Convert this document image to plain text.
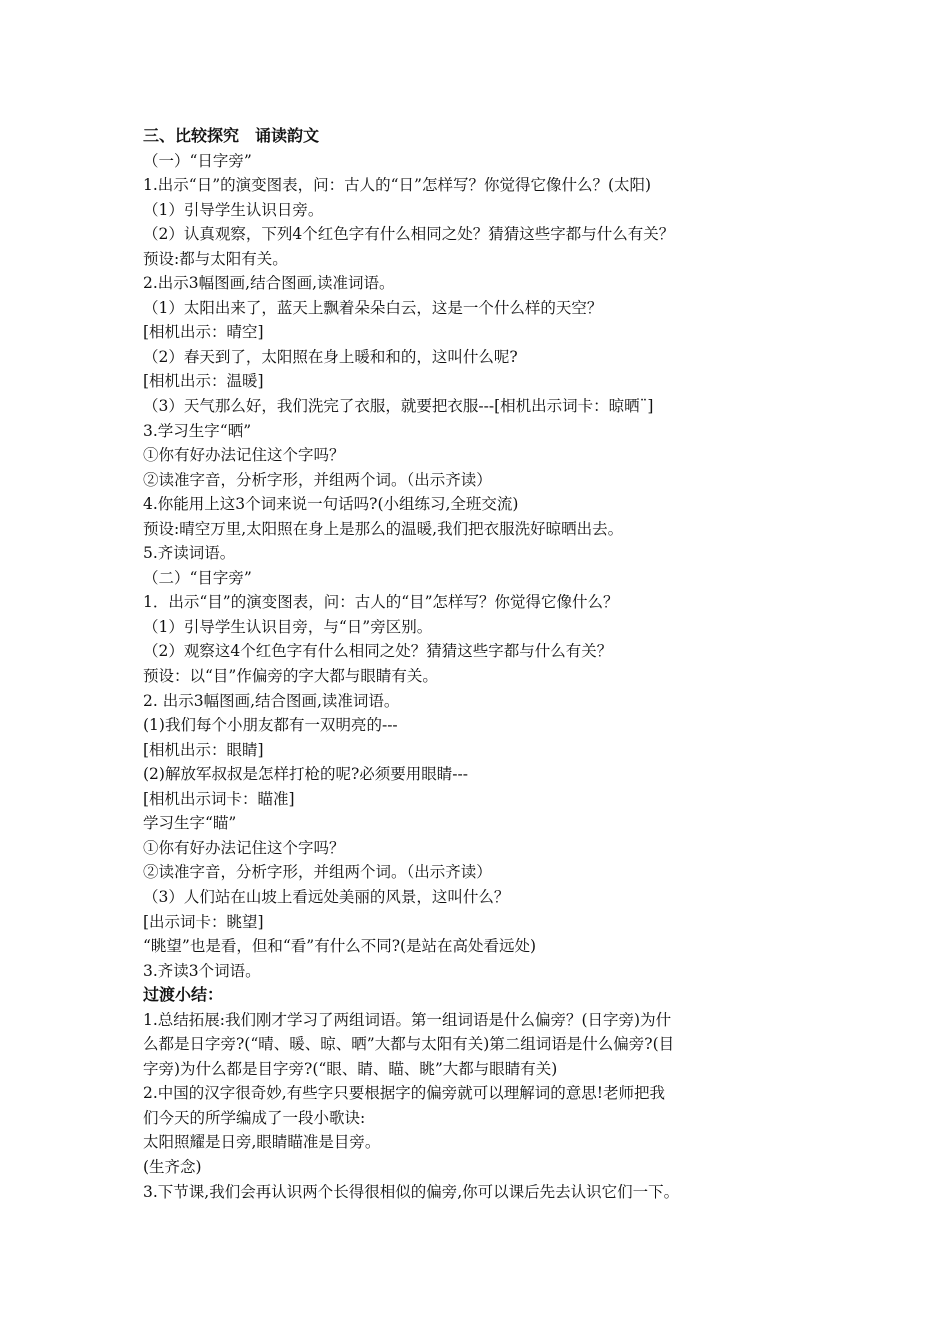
三、比较探究　诵读韵文
（一）“日字旁”
1.出示“日”的演变图表，问：古人的“日”怎样写？你觉得它像什么？(太阳)
（1）引导学生认识日旁。
（2）认真观察，下列4个红色字有什么相同之处？猜猜这些字都与什么有关？
预设:都与太阳有关。
2.出示3幅图画,结合图画,读准词语。
（1）太阳出来了，蓝天上飘着朵朵白云，这是一个什么样的天空？
[相机出示：晴空]
（2）春天到了，太阳照在身上暖和和的，这叫什么呢?
[相机出示：温暖]
（3）天气那么好，我们洗完了衣服，就要把衣服---[相机出示词卡：晾晒¨]
3.学习生字“晒”
①你有好办法记住这个字吗？
②读准字音，分析字形，并组两个词。（出示齐读）
4.你能用上这3个词来说一句话吗?(小组练习,全班交流)
预设:晴空万里,太阳照在身上是那么的温暖,我们把衣服洗好晾晒出去。
5.齐读词语。
（二）“目字旁”
1．出示“目”的演变图表，问：古人的“目”怎样写？你觉得它像什么？
（1）引导学生认识目旁，与“日”旁区别。
（2）观察这4个红色字有什么相同之处？猜猜这些字都与什么有关？
预设：以“目”作偏旁的字大都与眼睛有关。
2. 出示3幅图画,结合图画,读准词语。
(1)我们每个小朋友都有一双明亮的---
[相机出示：眼睛]
(2)解放军叔叔是怎样打枪的呢?必须要用眼睛---
[相机出示词卡：瞄准]
学习生字“瞄”
①你有好办法记住这个字吗？
②读准字音，分析字形，并组两个词。（出示齐读）
（3）人们站在山坡上看远处美丽的风景，这叫什么？
[出示词卡：眺望]
“眺望”也是看，但和“看”有什么不同?(是站在高处看远处)
3.齐读3个词语。
过渡小结：
1.总结拓展:我们刚才学习了两组词语。第一组词语是什么偏旁？(日字旁)为什
么都是日字旁?(“晴、暖、晾、晒”大都与太阳有关)第二组词语是什么偏旁?(目
字旁)为什么都是目字旁?(“眼、睛、瞄、眺”大都与眼睛有关)
2.中国的汉字很奇妙,有些字只要根据字的偏旁就可以理解词的意思!老师把我
们今天的所学编成了一段小歌诀:
太阳照耀是日旁,眼睛瞄准是目旁。
(生齐念)
3.下节课,我们会再认识两个长得很相似的偏旁,你可以课后先去认识它们一下。
